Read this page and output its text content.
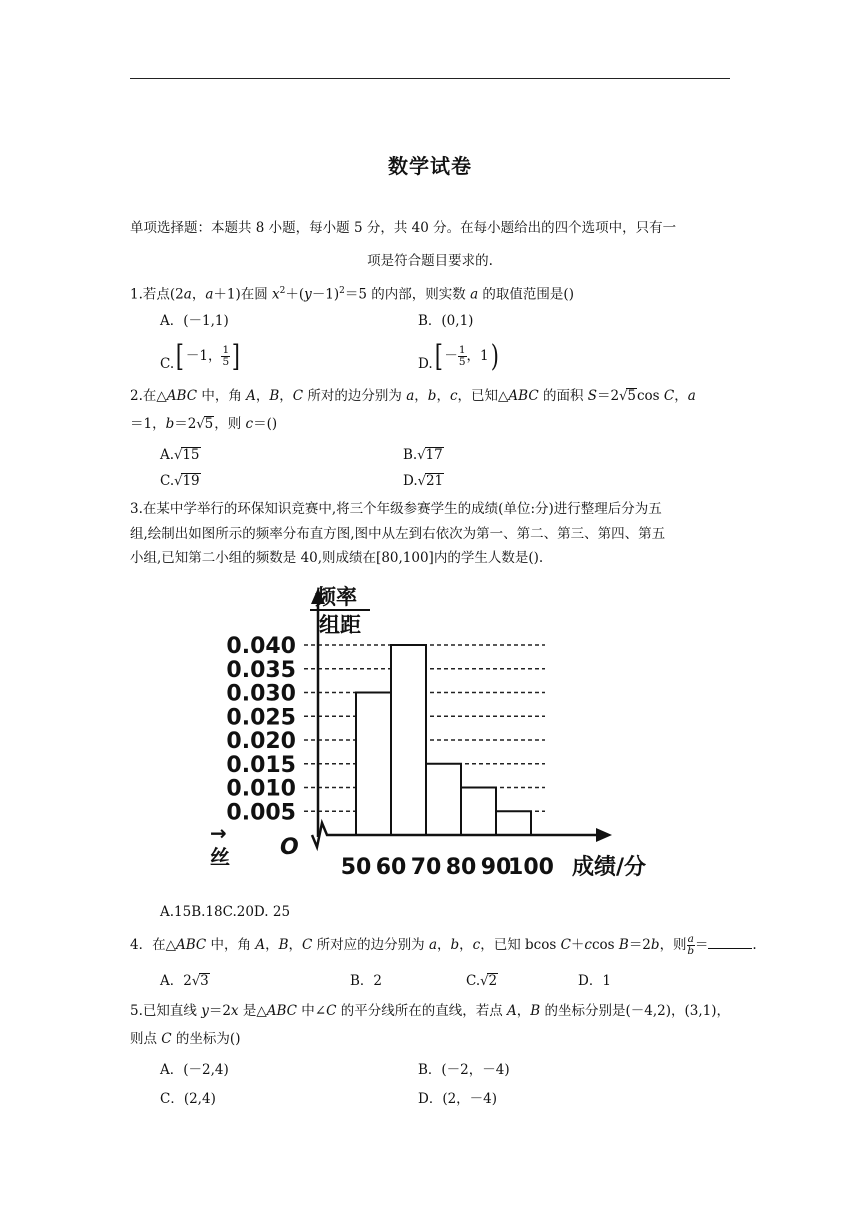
数学试卷
单项选择题：本题共 8 小题，每小题 5 分，共 40 分。在每小题给出的四个选项中，只有一
项是符合题目要求的.
1.若点(2a，a＋1)在圆 $x^2+(y-1)^2=5$ 的内部，则实数 a 的取值范围是()
A．(－1,1)	B．(0,1)
C.[ －1， $\frac{1}{5}$ ]	$D.[ - \frac{1}{5}$ ，1)
2.在△ABC 中，角 A，B，C 所对的边分别为 a，b，c，已知△ABC 的面积 S＝2√5cos C，a
＝1，b＝2√5，则 c＝()
A.√15	B.√17
C.√19	D.√21
3.在某中学举行的环保知识竞赛中,将三个年级参赛学生的成绩(单位:分)进行整理后分为五
组,绘制出如图所示的频率分布直方图,图中从左到右依次为第一、第二、第三、第四、第五
小组,已知第二小组的频数是 40,则成绩在[80,100]内的学生人数是().
0.040
0.035
0.030
0.025
0.020
0.015
0.010
0.005
频率
组距
O
50 60 70 80 90
100 成绩/分
→
丝
A.15B.18C.20D. 25
4．在△ABC 中，角 A，B，C 所对应的边分别为 a，b，c，已知 bcos C＋ccos B＝2b，则 $\frac{a}{b}$ ＝	.
A．2√3	B．2	C.√2	D．1
5.已知直线 y＝2x 是△ABC 中∠C 的平分线所在的直线，若点 A，B 的坐标分别是(－4,2)，(3,1)，
则点 C 的坐标为()
A．(－2,4)	B．(－2，－4)
C．(2,4)	D．(2，－4)
